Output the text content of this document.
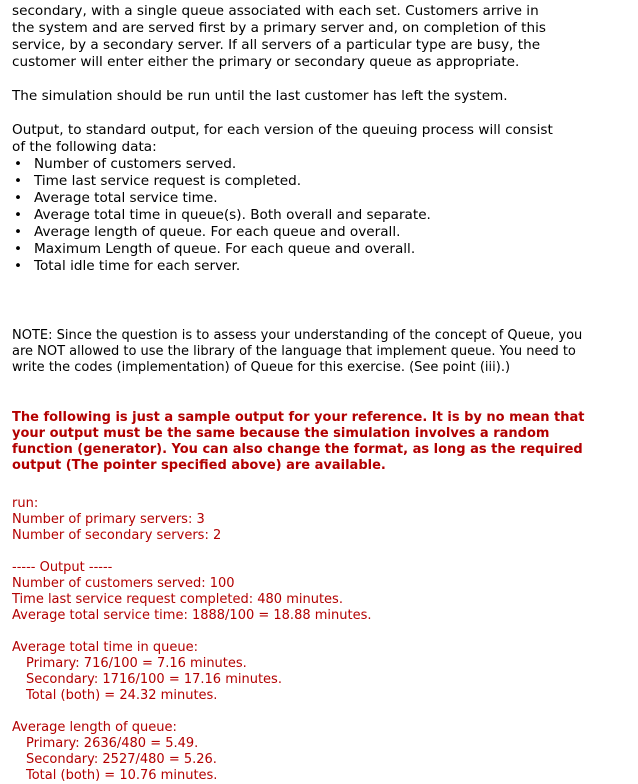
secondary, with a single queue associated with each set. Customers arrive in

the system and are served first by a primary server and, on completion of this

service, by a secondary server. If all servers of a particular type are busy, the

customer will enter either the primary or secondary queue as appropriate.

The simulation should be run until the last customer has left the system.

Output, to standard output, for each version of the queuing process will consist

of the following data:

• Number of customers served.
• Time last service request is completed.
• Average total service time.
• Average total time in queue(s). Both overall and separate.
• Average length of queue. For each queue and overall.
• Maximum Length of queue. For each queue and overall.
• Total idle time for each server.

NOTE: Since the question is to assess your understanding of the concept of Queue, you

are NOT allowed to use the library of the language that implement queue. You need to

write the codes (implementation) of Queue for this exercise. (See point (iii).)

The following is just a sample output for your reference. It is by no mean that

your output must be the same because the simulation involves a random

function (generator). You can also change the format, as long as the required

output (The pointer specified above) are available.

run:
Number of primary servers: 3
Number of secondary servers: 2
----- Output -----
Number of customers served: 100
Time last service request completed: 480 minutes.
Average total service time: 1888/100 = 18.88 minutes.
Average total time in queue:
Primary: 716/100 = 7.16 minutes.
Secondary: 1716/100 = 17.16 minutes.
Total (both) = 24.32 minutes.
Average length of queue:
Primary: 2636/480 = 5.49.
Secondary: 2527/480 = 5.26.
Total (both) = 10.76 minutes.
